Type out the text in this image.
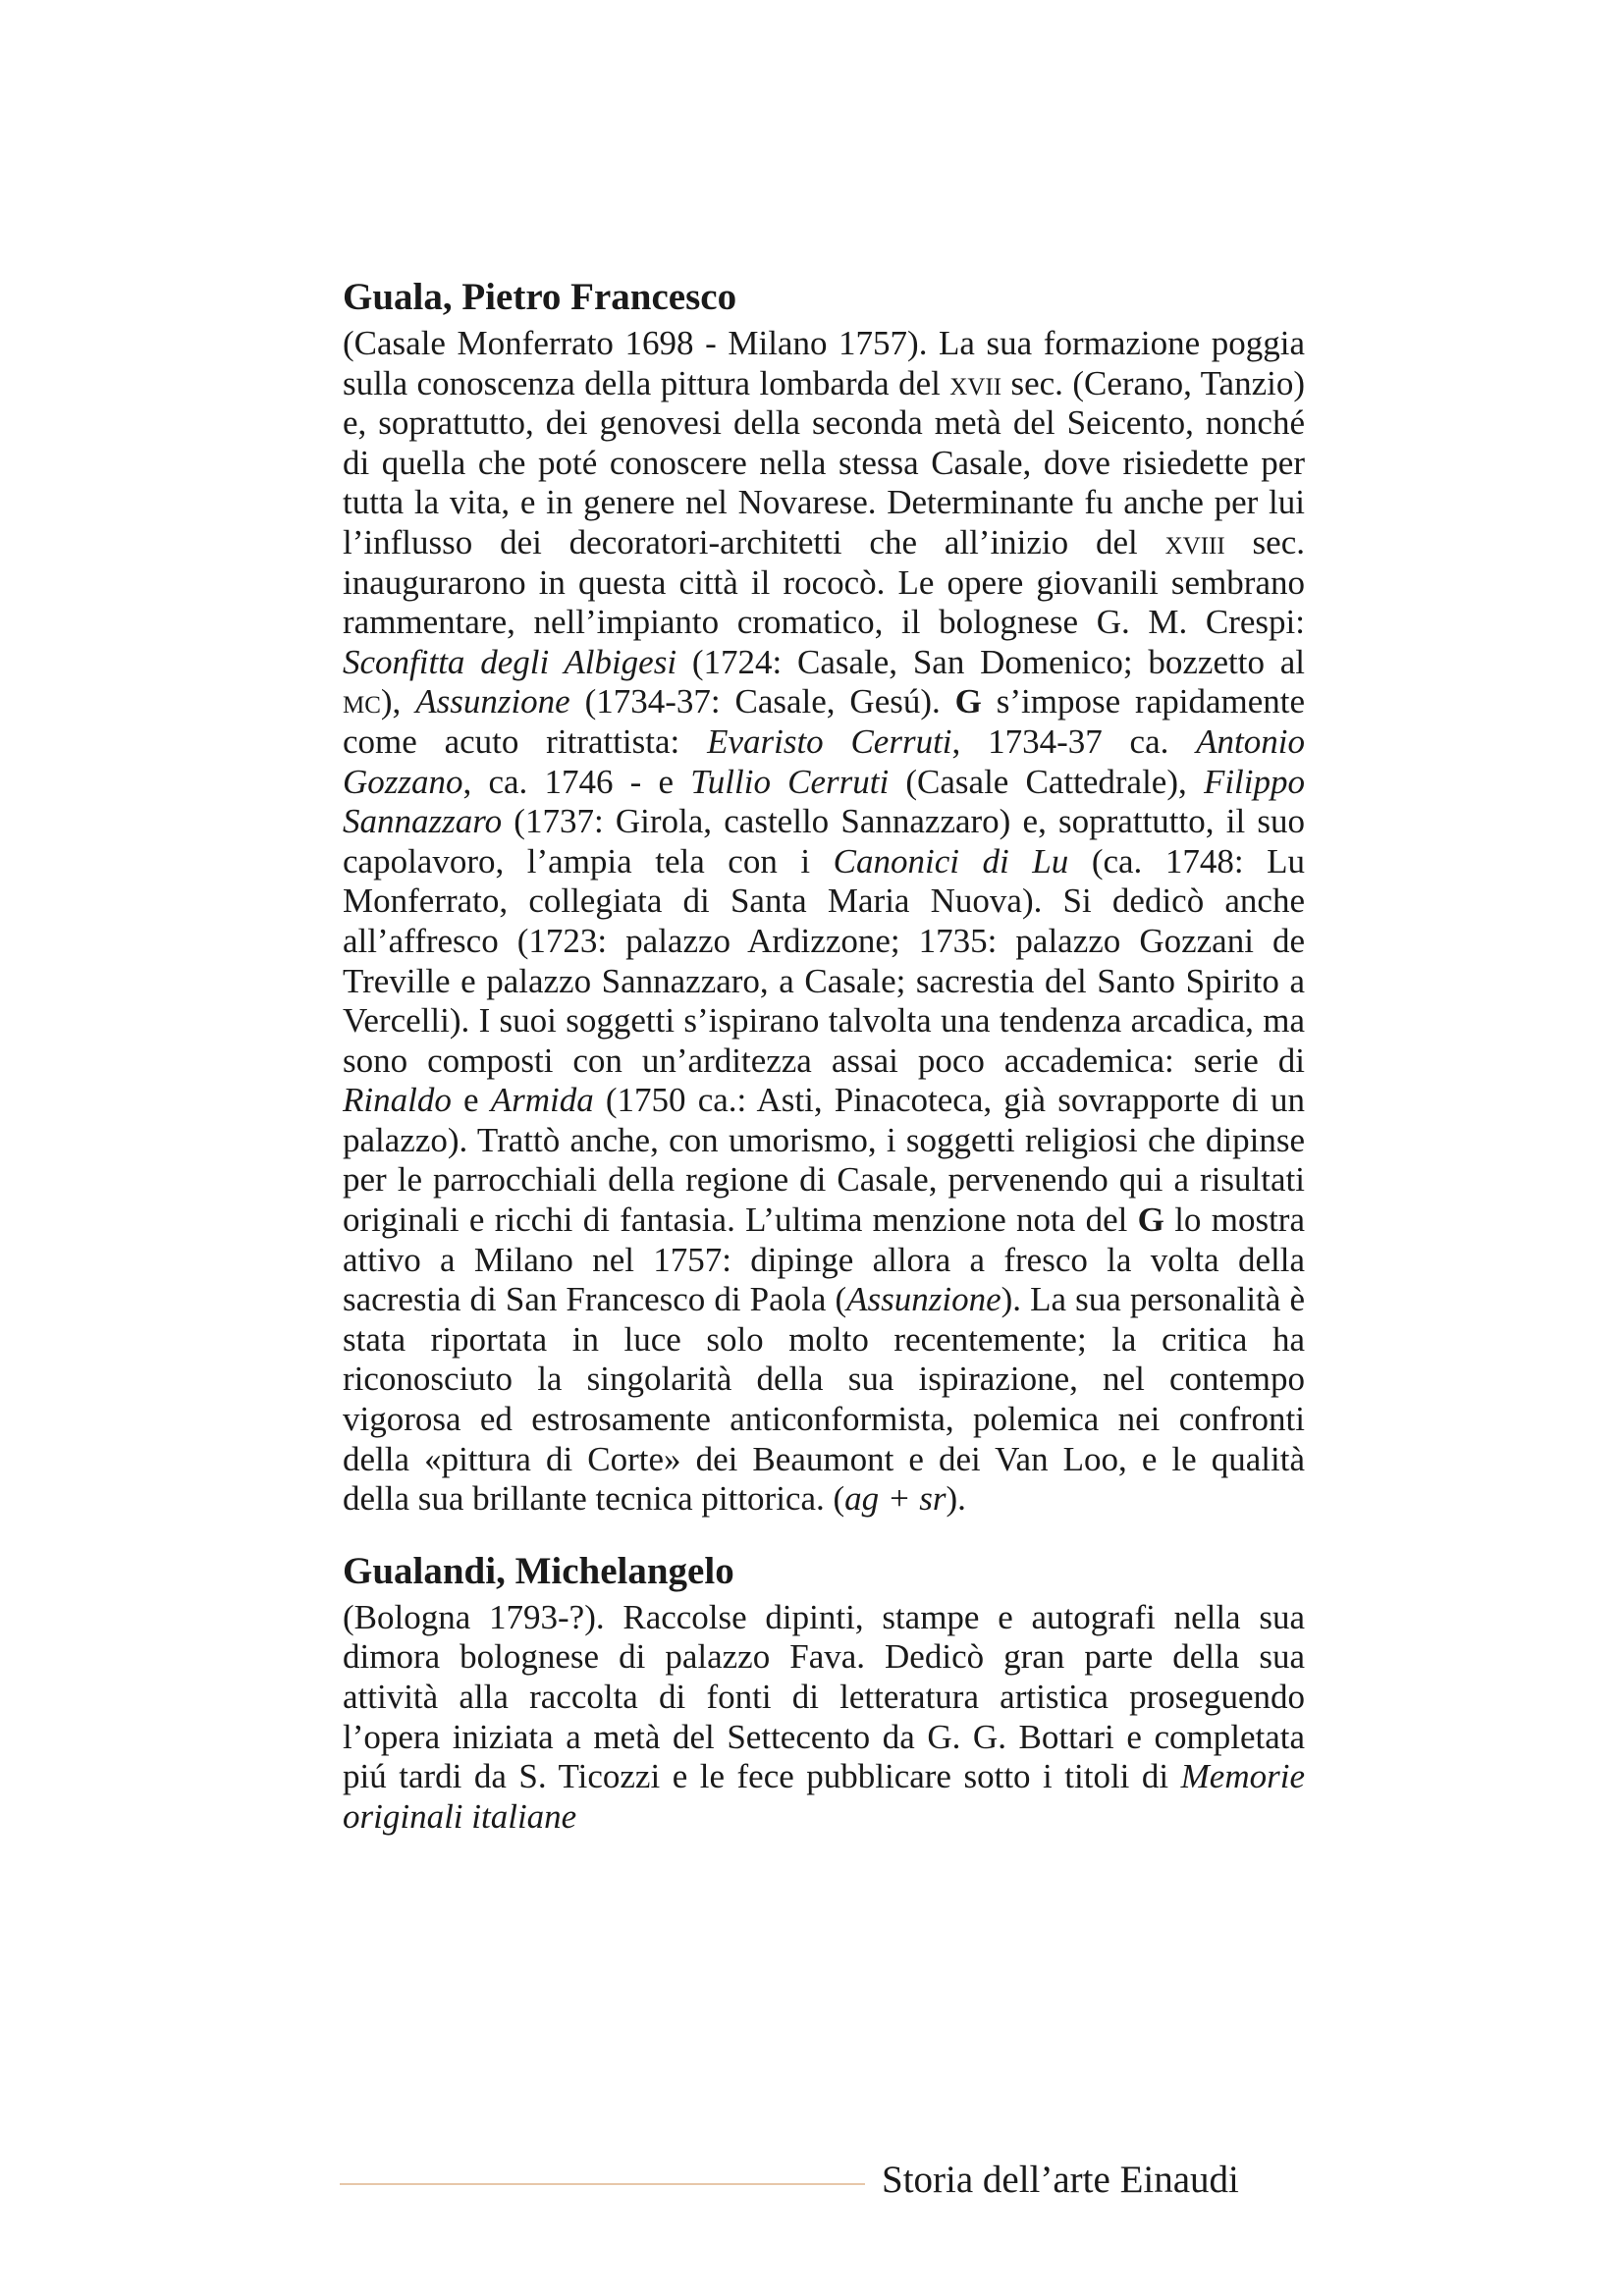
Guala, Pietro Francesco

(Casale Monferrato 1698 - Milano 1757). La sua formazione poggia sulla conoscenza della pittura lombarda del xvii sec. (Cerano, Tanzio) e, soprattutto, dei genovesi della seconda metà del Seicento, nonché di quella che poté conoscere nella stessa Casale, dove risiedette per tutta la vita, e in genere nel Novarese. Determinante fu anche per lui l’influsso dei decoratori-architetti che all’inizio del xviii sec. inaugurarono in questa città il rococò. Le opere giovanili sembrano rammentare, nell’impianto cromatico, il bolognese G. M. Crespi: Sconfitta degli Albigesi (1724: Casale, San Domenico; bozzetto al mc), Assunzione (1734-37: Casale, Gesú). G s’impose rapidamente come acuto ritrattista: Evaristo Cerruti, 1734-37 ca. Antonio Gozzano, ca. 1746 - e Tullio Cerruti (Casale Cattedrale), Filippo Sannazzaro (1737: Girola, castello Sannazzaro) e, soprattutto, il suo capolavoro, l’ampia tela con i Canonici di Lu (ca. 1748: Lu Monferrato, collegiata di Santa Maria Nuova). Si dedicò anche all’affresco (1723: palazzo Ardizzone; 1735: palazzo Gozzani de Treville e palazzo Sannazzaro, a Casale; sacrestia del Santo Spirito a Vercelli). I suoi soggetti s’ispirano talvolta una tendenza arcadica, ma sono composti con un’arditezza assai poco accademica: serie di Rinaldo e Armida (1750 ca.: Asti, Pinacoteca, già sovrapporte di un palazzo). Trattò anche, con umorismo, i soggetti religiosi che dipinse per le parrocchiali della regione di Casale, pervenendo qui a risultati originali e ricchi di fantasia. L’ultima menzione nota del G lo mostra attivo a Milano nel 1757: dipinge allora a fresco la volta della sacrestia di San Francesco di Paola (Assunzione). La sua personalità è stata riportata in luce solo molto recentemente; la critica ha riconosciuto la singolarità della sua ispirazione, nel contempo vigorosa ed estrosamente anticonformista, polemica nei confronti della «pittura di Corte» dei Beaumont e dei Van Loo, e le qualità della sua brillante tecnica pittorica. (ag + sr).

Gualandi, Michelangelo

(Bologna 1793-?). Raccolse dipinti, stampe e autografi nella sua dimora bolognese di palazzo Fava. Dedicò gran parte della sua attività alla raccolta di fonti di letteratura artistica proseguendo l’opera iniziata a metà del Settecento da G. G. Bottari e completata piú tardi da S. Ticozzi e le fece pubblicare sotto i titoli di Memorie originali italiane

Storia dell’arte Einaudi
